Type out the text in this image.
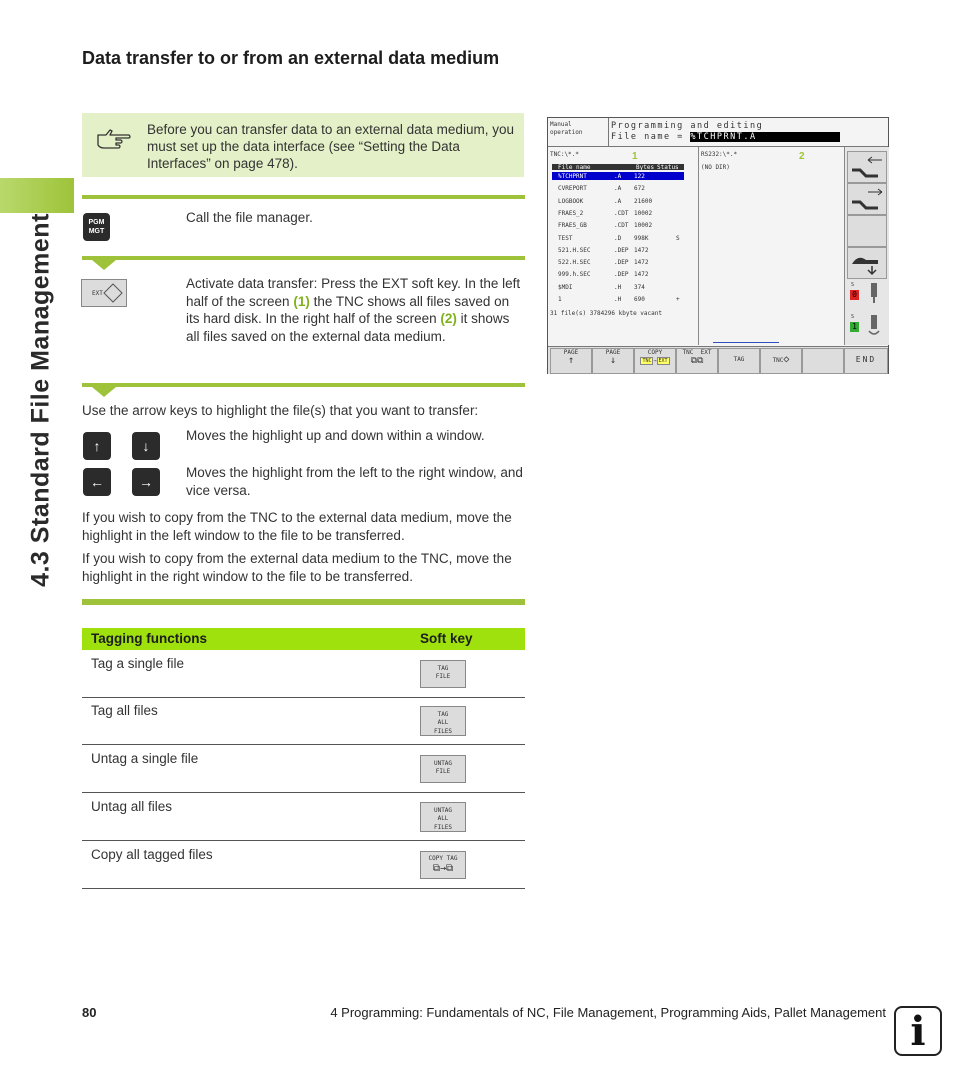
4.3 Standard File Management
Data transfer to or from an external data medium
Before you can transfer data to an external data medium, you must set up the data interface (see “Setting the Data Interfaces” on page 478).
PGM
MGT
Call the file manager.
EXT
Activate data transfer: Press the EXT soft key. In the left half of the screen (1) the TNC shows all files saved on its hard disk. In the right half of the screen (2) it shows all files saved on the external data medium.
Use the arrow keys to highlight the file(s) that you want to transfer:
↑	↓
Moves the highlight up and down within a window.
←	→
Moves the highlight from the left to the right window, and vice versa.
If you wish to copy from the TNC to the external data medium, move the highlight in the left window to the file to be transferred.
If you wish to copy from the external data medium to the TNC, move the highlight in the right window to the file to be transferred.
Manual
operation
Programming and editing
File name = %TCHPRNT.A
TNC:\*.*	1
File name	Bytes Status
%TCHPRNT	.A 122
CVREPORT	.A 672
LOGBOOK	.A 21600
FRAES_2	.CDT 10002
FRAES_GB	.CDT 10002
TEST	.D 998K	S
521.H.SEC	.DEP 1472
522.H.SEC	.DEP 1472
999.h.SEC	.DEP 1472
$MDI	.H 374
1	.H 690	+
31 file(s) 3784296 kbyte vacant
RS232:\*.*
(NO DIR)
2
S
0
S
1
PAGE
↑
PAGE
↓
COPY
TNC → EXT
TNC EXT
⧉⧉	TAG	TNC◇	END
Tagging functions	Soft key
Tag a single file	TAG
FILE
Tag all files	TAG
ALL
FILES
Untag a single file	UNTAG
FILE
Untag all files	UNTAG
ALL
FILES
Copy all tagged files	COPY TAG
⧉→⧉
80	4 Programming: Fundamentals of NC, File Management, Programming Aids, Pallet Management i
